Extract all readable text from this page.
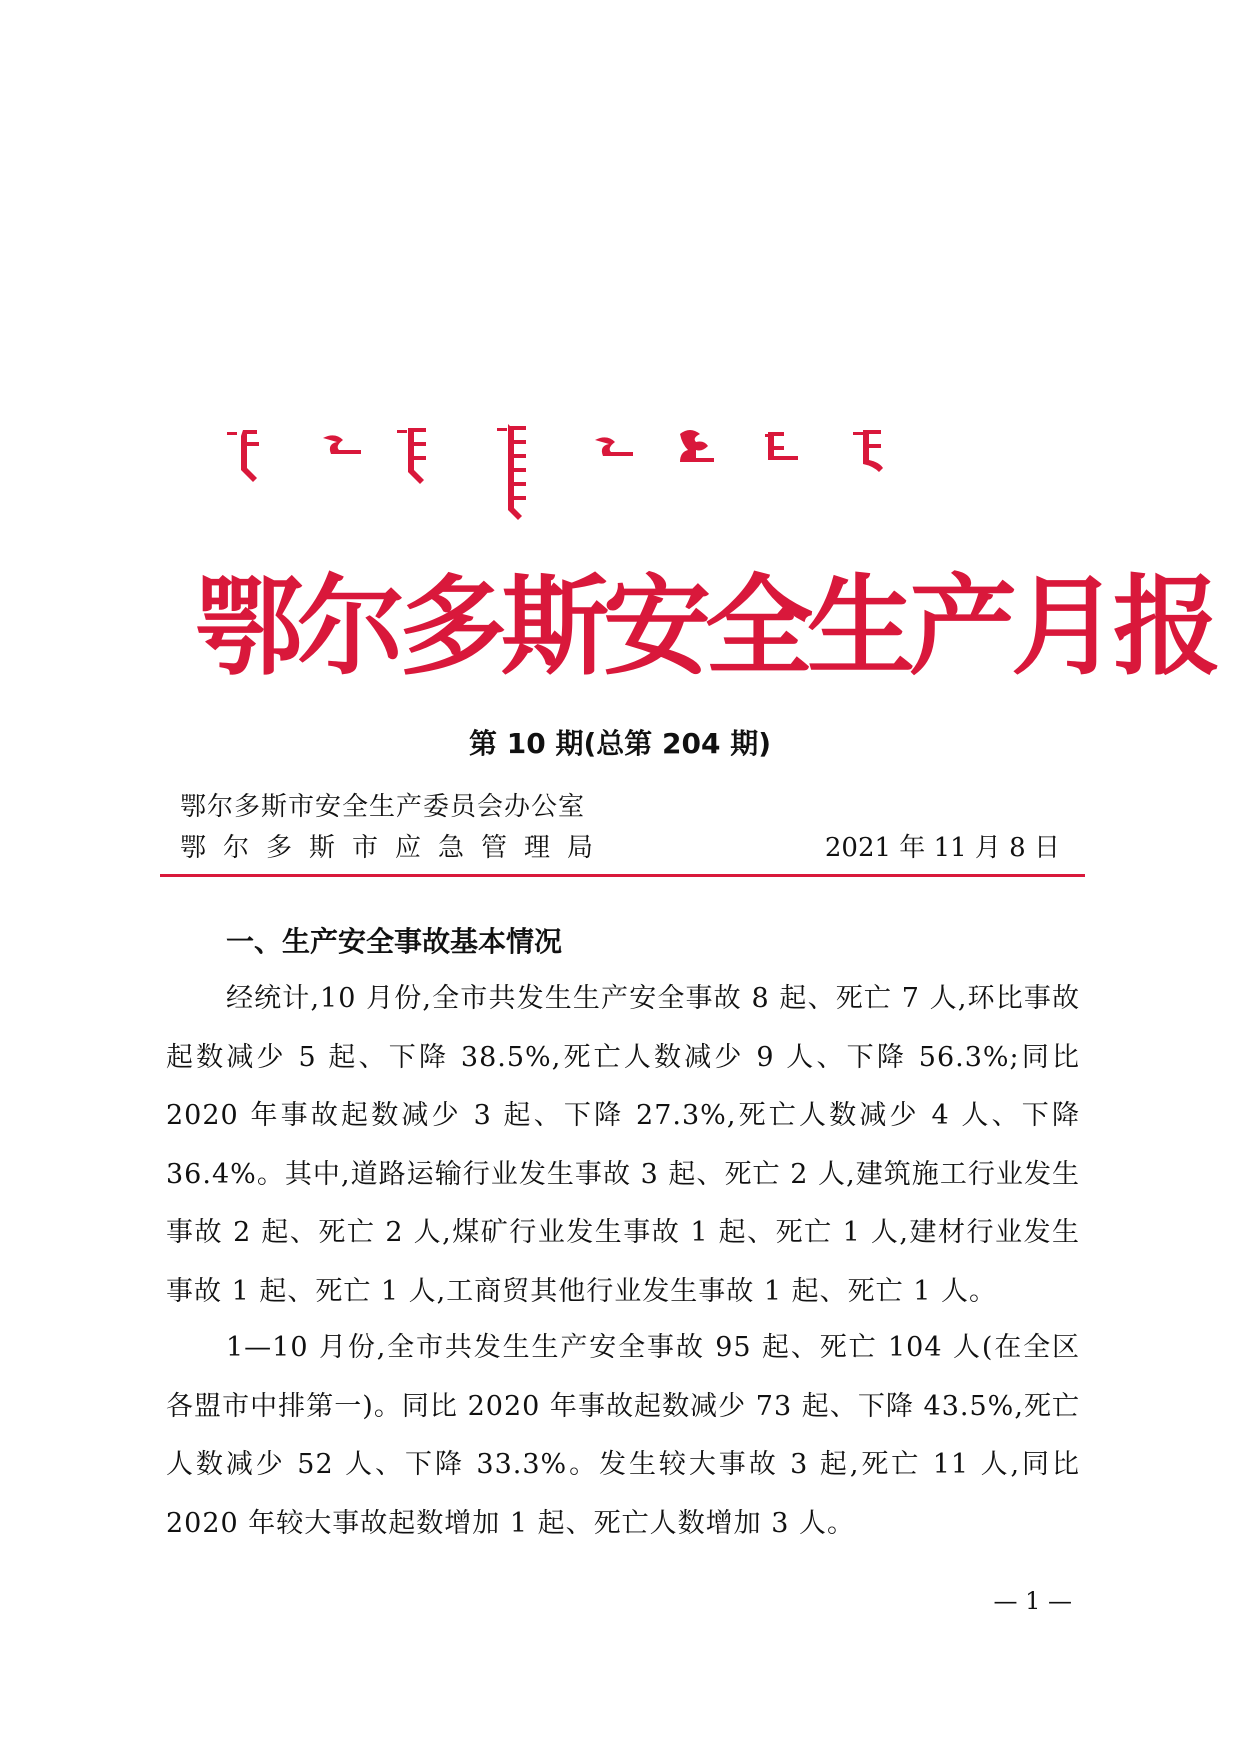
鄂尔多斯安全生产月报
第 10 期(总第 204 期)
鄂尔多斯市安全生产委员会办公室
鄂尔多斯市应急管理局	2021 年 11 月 8 日
一、生产安全事故基本情况

经统计,10 月份,全市共发生生产安全事故 8 起、死亡 7 人,环比事故起数减少 5 起、下降 38.5%,死亡人数减少 9 人、下降 56.3%;同比 2020 年事故起数减少 3 起、下降 27.3%,死亡人数减少 4 人、下降 36.4%。其中,道路运输行业发生事故 3 起、死亡 2 人,建筑施工行业发生事故 2 起、死亡 2 人,煤矿行业发生事故 1 起、死亡 1 人,建材行业发生事故 1 起、死亡 1 人,工商贸其他行业发生事故 1 起、死亡 1 人。

1—10 月份,全市共发生生产安全事故 95 起、死亡 104 人(在全区各盟市中排第一)。同比 2020 年事故起数减少 73 起、下降 43.5%,死亡人数减少 52 人、下降 33.3%。发生较大事故 3 起,死亡 11 人,同比 2020 年较大事故起数增加 1 起、死亡人数增加 3 人。

— 1 —
